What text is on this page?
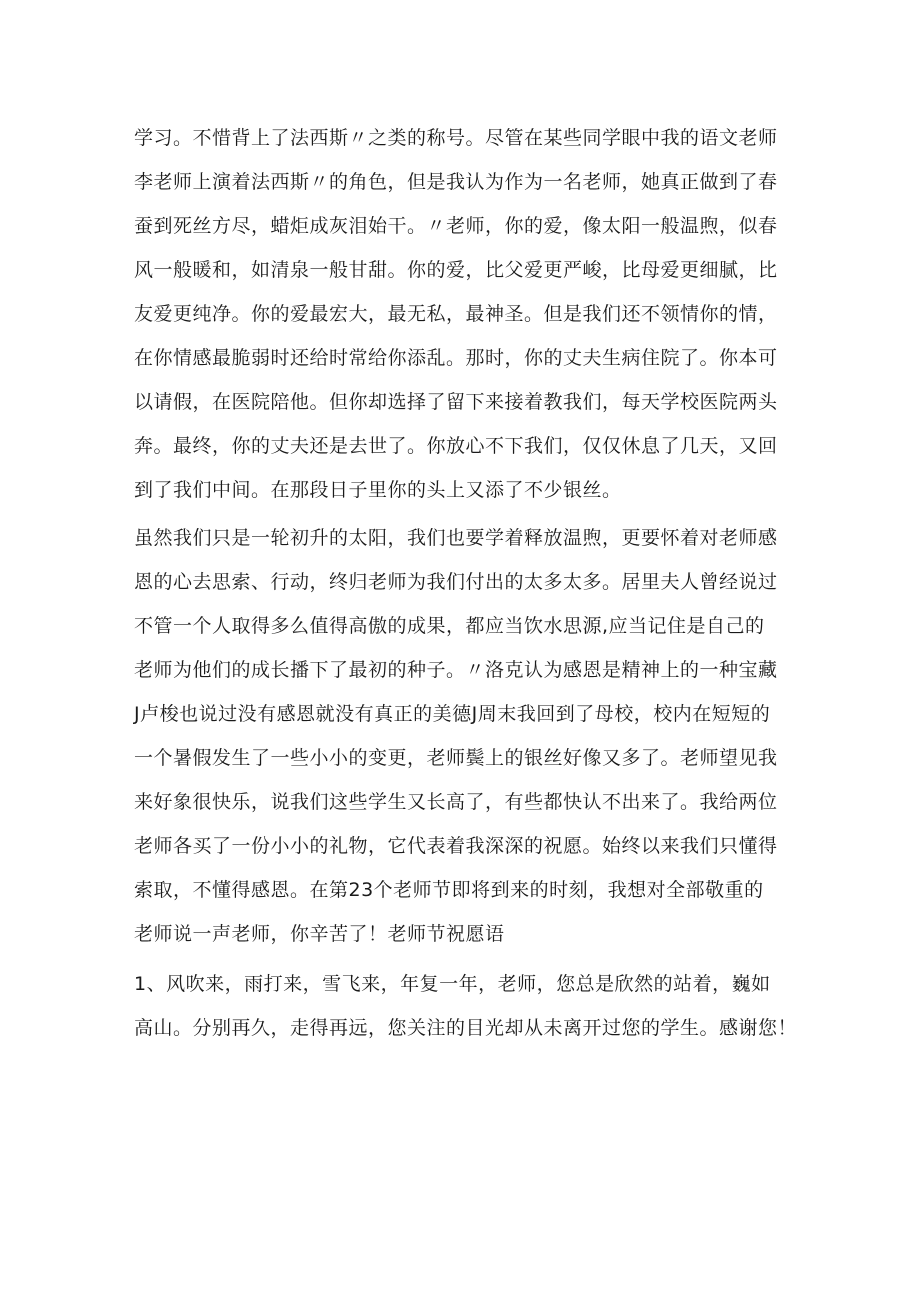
学习。不惜背上了法西斯〃之类的称号。尽管在某些同学眼中我的语文老师
李老师上演着法西斯〃的角色，但是我认为作为一名老师，她真正做到了春
蚕到死丝方尽，蜡炬成灰泪始干。〃老师，你的爱，像太阳一般温煦，似春
风一般暖和，如清泉一般甘甜。你的爱，比父爱更严峻，比母爱更细腻，比
友爱更纯净。你的爱最宏大，最无私，最神圣。但是我们还不领情你的情，
在你情感最脆弱时还给时常给你添乱。那时，你的丈夫生病住院了。你本可
以请假，在医院陪他。但你却选择了留下来接着教我们，每天学校医院两头
奔。最终，你的丈夫还是去世了。你放心不下我们，仅仅休息了几天，又回
到了我们中间。在那段日子里你的头上又添了不少银丝。

虽然我们只是一轮初升的太阳，我们也要学着释放温煦，更要怀着对老师感
恩的心去思索、行动，终归老师为我们付出的太多太多。居里夫人曾经说过
不管一个人取得多么值得高傲的成果，都应当饮水思源,应当记住是自己的
老师为他们的成长播下了最初的种子。〃洛克认为感恩是精神上的一种宝藏
J卢梭也说过没有感恩就没有真正的美德J周末我回到了母校，校内在短短的
一个暑假发生了一些小小的变更，老师鬓上的银丝好像又多了。老师望见我
来好象很快乐，说我们这些学生又长高了，有些都快认不出来了。我给两位
老师各买了一份小小的礼物，它代表着我深深的祝愿。始终以来我们只懂得
索取，不懂得感恩。在第23个老师节即将到来的时刻，我想对全部敬重的
老师说一声老师，你辛苦了！老师节祝愿语

1、风吹来，雨打来，雪飞来，年复一年，老师，您总是欣然的站着，巍如
高山。分别再久，走得再远，您关注的目光却从未离开过您的学生。感谢您！
